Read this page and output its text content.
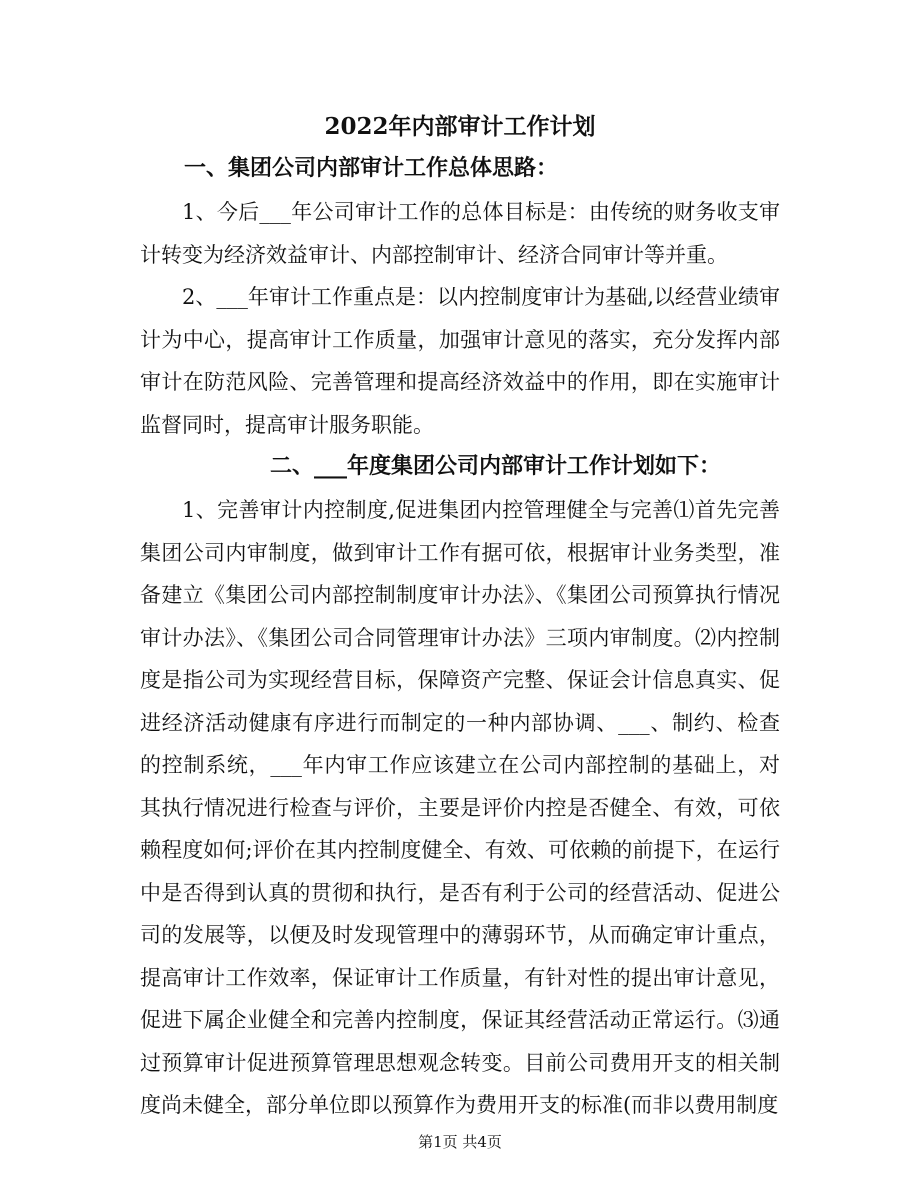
2022年内部审计工作计划
一、集团公司内部审计工作总体思路：

1、今后___年公司审计工作的总体目标是：由传统的财务收支审计转变为经济效益审计、内部控制审计、经济合同审计等并重。

2、___年审计工作重点是：以内控制度审计为基础,以经营业绩审计为中心，提高审计工作质量，加强审计意见的落实，充分发挥内部审计在防范风险、完善管理和提高经济效益中的作用，即在实施审计监督同时，提高审计服务职能。

二、___年度集团公司内部审计工作计划如下：

1、完善审计内控制度,促进集团内控管理健全与完善⑴首先完善集团公司内审制度，做到审计工作有据可依，根据审计业务类型，准备建立《集团公司内部控制制度审计办法》、《集团公司预算执行情况审计办法》、《集团公司合同管理审计办法》三项内审制度。⑵内控制度是指公司为实现经营目标，保障资产完整、保证会计信息真实、促进经济活动健康有序进行而制定的一种内部协调、___、制约、检查的控制系统，___年内审工作应该建立在公司内部控制的基础上，对其执行情况进行检查与评价，主要是评价内控是否健全、有效，可依赖程度如何;评价在其内控制度健全、有效、可依赖的前提下，在运行中是否得到认真的贯彻和执行，是否有利于公司的经营活动、促进公司的发展等，以便及时发现管理中的薄弱环节，从而确定审计重点，提高审计工作效率，保证审计工作质量，有针对性的提出审计意见，促进下属企业健全和完善内控制度，保证其经营活动正常运行。⑶通过预算审计促进预算管理思想观念转变。目前公司费用开支的相关制度尚未健全，部分单位即以预算作为费用开支的标准(而非以费用制度

第1页 共4页
